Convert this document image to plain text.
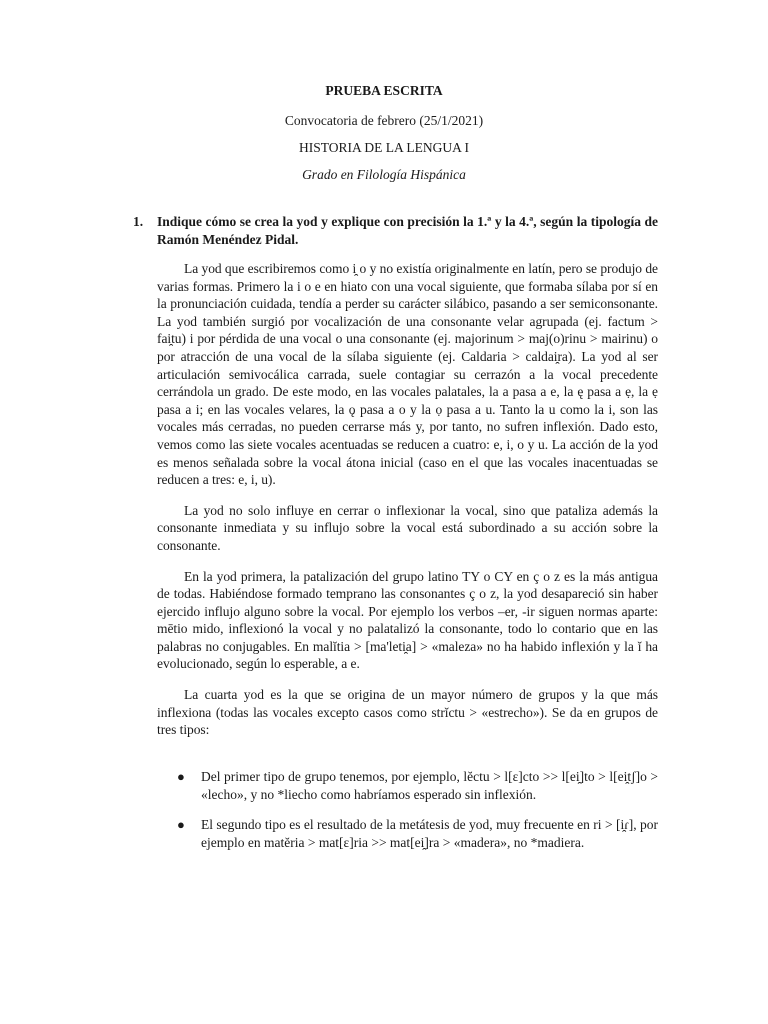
PRUEBA ESCRITA

Convocatoria de febrero (25/1/2021)

HISTORIA DE LA LENGUA I

Grado en Filología Hispánica

1. Indique cómo se crea la yod y explique con precisión la 1.ª y la 4.ª, según la tipología de Ramón Menéndez Pidal.

La yod que escribiremos como i̯ o y no existía originalmente en latín, pero se produjo de varias formas. Primero la i o e en hiato con una vocal siguiente, que formaba sílaba por sí en la pronunciación cuidada, tendía a perder su carácter silábico, pasando a ser semiconsonante. La yod también surgió por vocalización de una consonante velar agrupada (ej. factum > fai̯tu) i por pérdida de una vocal o una consonante (ej. majorinum > maj(o)rinu > mairinu) o por atracción de una vocal de la sílaba siguiente (ej. Caldaria > caldai̯ra). La yod al ser articulación semivocálica carrada, suele contagiar su cerrazón a la vocal precedente cerrándola un grado. De este modo, en las vocales palatales, la a pasa a e, la ę pasa a ẹ, la ẹ pasa a i; en las vocales velares, la ǫ pasa a o y la ọ pasa a u. Tanto la u como la i, son las vocales más cerradas, no pueden cerrarse más y, por tanto, no sufren inflexión. Dado esto, vemos como las siete vocales acentuadas se reducen a cuatro: e, i, o y u. La acción de la yod es menos señalada sobre la vocal átona inicial (caso en el que las vocales inacentuadas se reducen a tres: e, i, u).

La yod no solo influye en cerrar o inflexionar la vocal, sino que pataliza además la consonante inmediata y su influjo sobre la vocal está subordinado a su acción sobre la consonante.

En la yod primera, la patalización del grupo latino TY o CY en ç o z es la más antigua de todas. Habiéndose formado temprano las consonantes ç o z, la yod desapareció sin haber ejercido influjo alguno sobre la vocal. Por ejemplo los verbos –er, -ir siguen normas aparte: mētio mido, inflexionó la vocal y no palatalizó la consonante, todo lo contario que en las palabras no conjugables. En malĭtia > [ma'leti̯a] > «maleza» no ha habido inflexión y la ĭ ha evolucionado, según lo esperable, a e.

La cuarta yod es la que se origina de un mayor número de grupos y la que más inflexiona (todas las vocales excepto casos como strĭctu > «estrecho»). Se da en grupos de tres tipos:

● Del primer tipo de grupo tenemos, por ejemplo, lĕctu > l[ɛ]cto >> l[ei̯]to > l[ei̯tʃ]o > «lecho», y no *liecho como habríamos esperado sin inflexión.

● El segundo tipo es el resultado de la metátesis de yod, muy frecuente en ri > [i̯ɾ], por ejemplo en matĕria > mat[ɛ]ria >> mat[ei̯]ra > «madera», no *madiera.
